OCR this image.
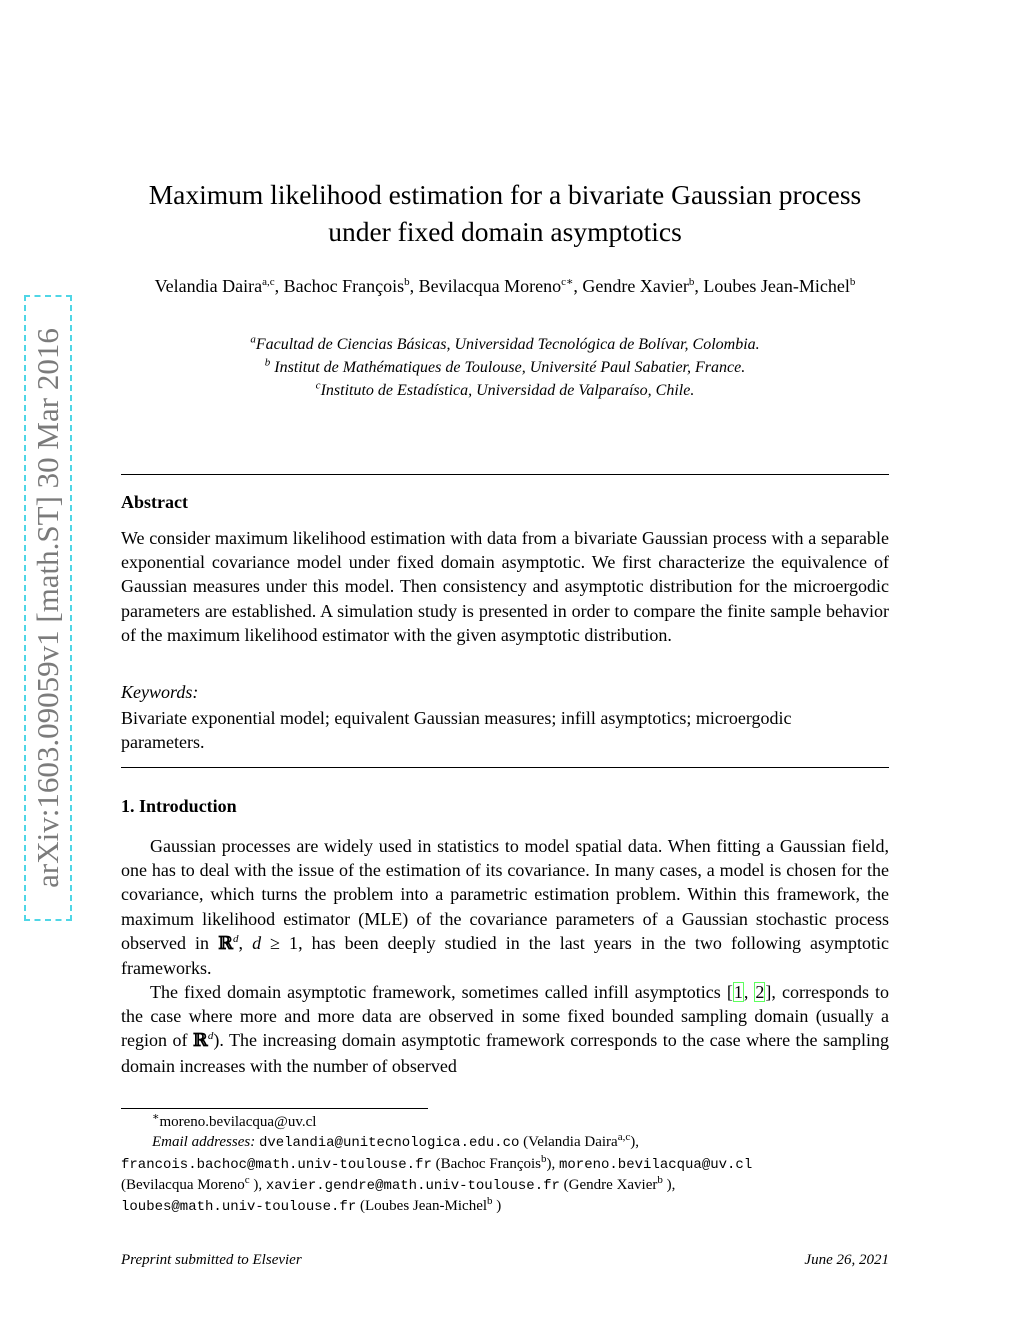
arXiv:1603.09059v1 [math.ST] 30 Mar 2016
Maximum likelihood estimation for a bivariate Gaussian process
under fixed domain asymptotics
Velandia Daira$^{a,c}$, Bachoc François$^b$, Bevilacqua Moreno$^{c∗}$, Gendre Xavier$^b$, Loubes Jean-Michel$^b$
$^a$Facultad de Ciencias Básicas, Universidad Tecnológica de Bolívar, Colombia.
$^b$ Institut de Mathématiques de Toulouse, Université Paul Sabatier, France.
$^c$Instituto de Estadística, Universidad de Valparaíso, Chile.
Abstract
We consider maximum likelihood estimation with data from a bivariate Gaussian process with a separable exponential covariance model under fixed domain asymptotic. We first characterize the equivalence of Gaussian measures under this model. Then consistency and asymptotic distribution for the microergodic parameters are established. A simulation study is presented in order to compare the finite sample behavior of the maximum likelihood estimator with the given asymptotic distribution.
Keywords:
Bivariate exponential model; equivalent Gaussian measures; infill asymptotics; microergodic parameters.
1. Introduction
Gaussian processes are widely used in statistics to model spatial data. When fitting a Gaussian field, one has to deal with the issue of the estimation of its covariance. In many cases, a model is chosen for the covariance, which turns the problem into a parametric estimation problem. Within this framework, the maximum likelihood estimator (MLE) of the covariance parameters of a Gaussian stochastic process observed in ℝ$^d$, d ≥ 1, has been deeply studied in the last years in the two following asymptotic frameworks.
The fixed domain asymptotic framework, sometimes called infill asymptotics [1, 2], corresponds to the case where more and more data are observed in some fixed bounded sampling domain (usually a region of ℝ$^d$). The increasing domain asymptotic framework corresponds to the case where the sampling domain increases with the number of observed
∗moreno.bevilacqua@uv.cl
Email addresses: dvelandia@unitecnologica.edu.co (Velandia Daira$^{a,c}$),
francois.bachoc@math.univ-toulouse.fr (Bachoc François$^b$), moreno.bevilacqua@uv.cl
(Bevilacqua Moreno$^c$ ), xavier.gendre@math.univ-toulouse.fr (Gendre Xavier$^b$ ),
loubes@math.univ-toulouse.fr (Loubes Jean-Michel$^b$ )
Preprint submitted to Elsevier	June 26, 2021
